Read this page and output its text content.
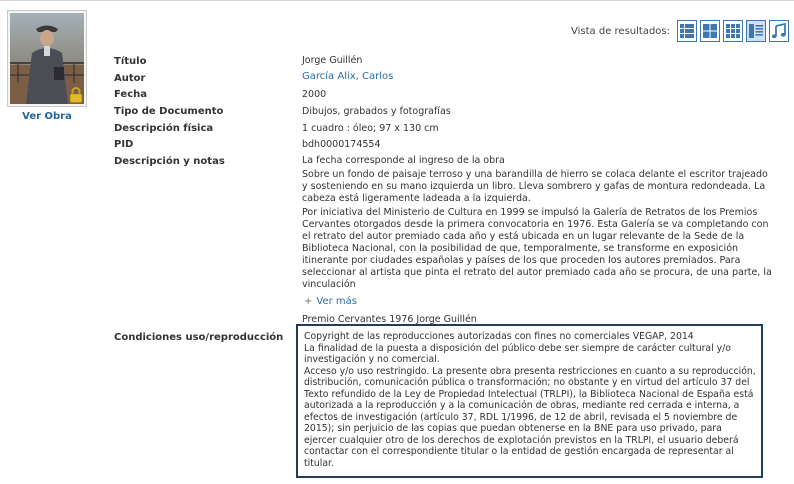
Ver Obra
Vista de resultados:
Título	Jorge Guillén
Autor	García Alix, Carlos
Fecha	2000
Tipo de Documento	Dibujos, grabados y fotografías
Descripción física	1 cuadro : óleo; 97 x 130 cm
PID	bdh0000174554
Descripción y notas	La fecha corresponde al ingreso de la obra

Sobre un fondo de paisaje terroso y una barandilla de hierro se colaca delante el escritor trajeado y sosteniendo en su mano izquierda un libro. Lleva sombrero y gafas de montura redondeada. La cabeza está ligeramente ladeada a la izquierda.

Por iniciativa del Ministerio de Cultura en 1999 se impulsó la Galería de Retratos de los Premios Cervantes otorgados desde la primera convocatoria en 1976. Esta Galería se va completando con el retrato del autor premiado cada año y está ubicada en un lugar relevante de la Sede de la Biblioteca Nacional, con la posibilidad de que, temporalmente, se transforme en exposición itinerante por ciudades españolas y países de los que proceden los autores premiados. Para seleccionar al artista que pinta el retrato del autor premiado cada año se procura, de una parte, la vinculación

+ Ver más
Premio Cervantes 1976 Jorge Guillén
Condiciones uso/reproducción Copyright de las reproducciones autorizadas con fines no comerciales VEGAP, 2014

La finalidad de la puesta a disposición del público debe ser siempre de carácter cultural y/o investigación y no comercial.

Acceso y/o uso restringido. La presente obra presenta restricciones en cuanto a su reproducción, distribución, comunicación pública o transformación; no obstante y en virtud del artículo 37 del Texto refundido de la Ley de Propiedad Intelectual (TRLPI), la Biblioteca Nacional de España está autorizada a la reproducción y a la comunicación de obras, mediante red cerrada e interna, a efectos de investigación (artículo 37, RDL 1/1996, de 12 de abril, revisada el 5 noviembre de 2015); sin perjuicio de las copias que puedan obtenerse en la BNE para uso privado, para ejercer cualquier otro de los derechos de explotación previstos en la TRLPI, el usuario deberá contactar con el correspondiente titular o la entidad de gestión encargada de representar al titular.
